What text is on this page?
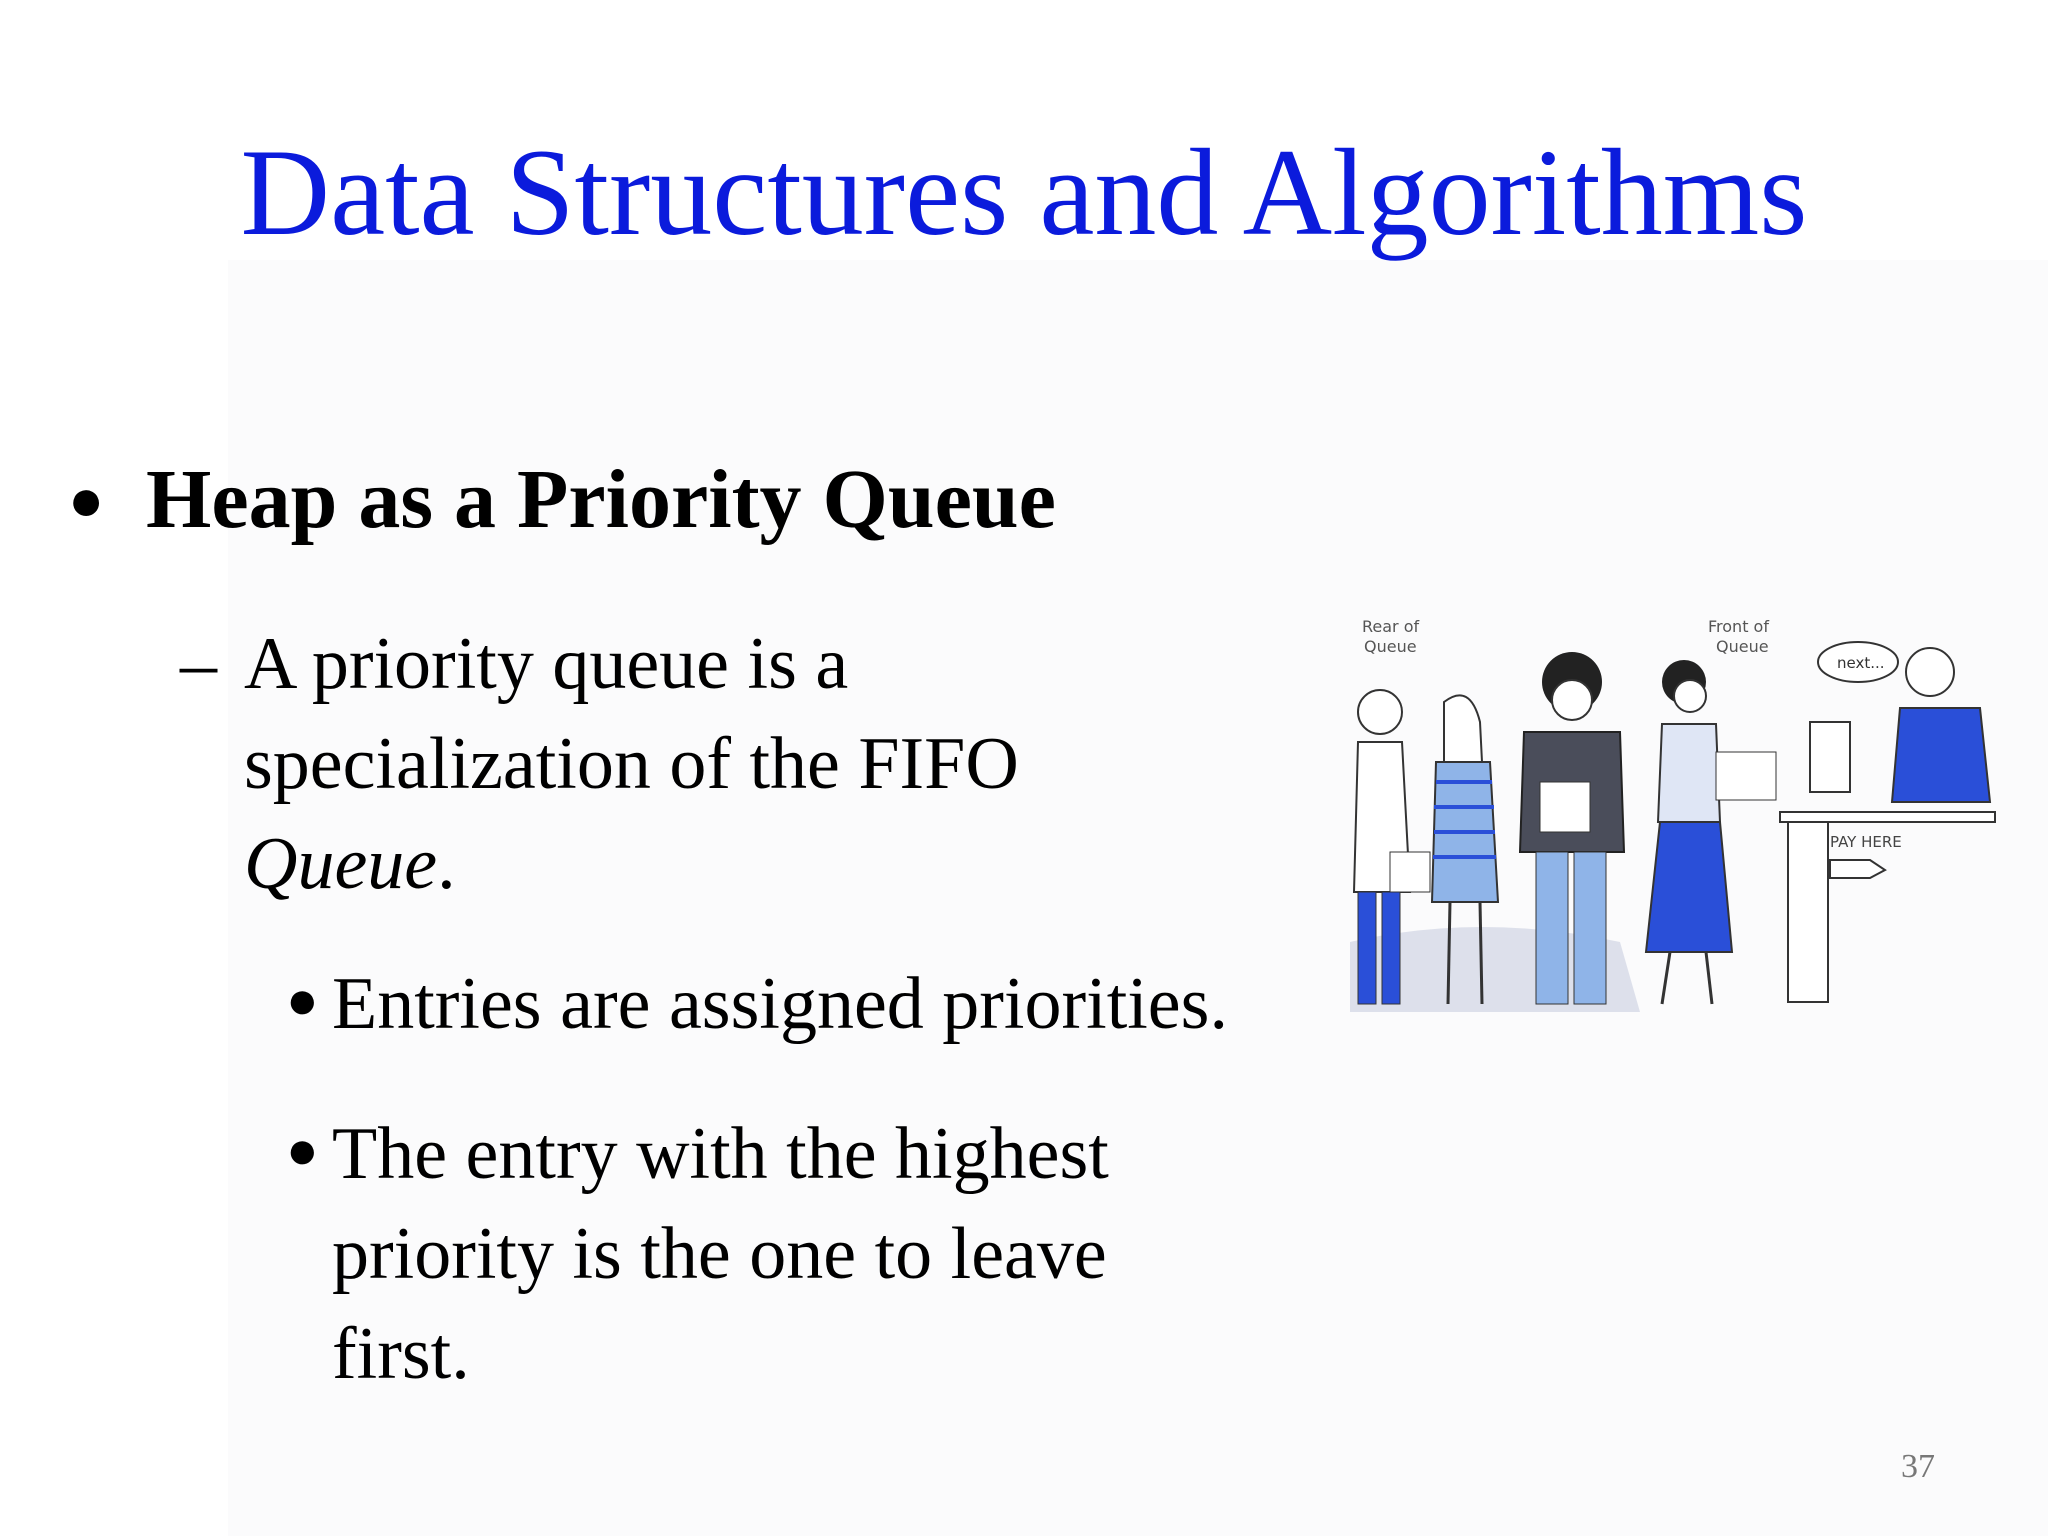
Data Structures and Algorithms
● Heap as a Priority Queue
– A priority queue is a specialization of the FIFO Queue.
● Entries are assigned priorities.
● The entry with the highest priority is the one to leave first.
Rear of Queue
Front of Queue
PAY HERE
next...
37
